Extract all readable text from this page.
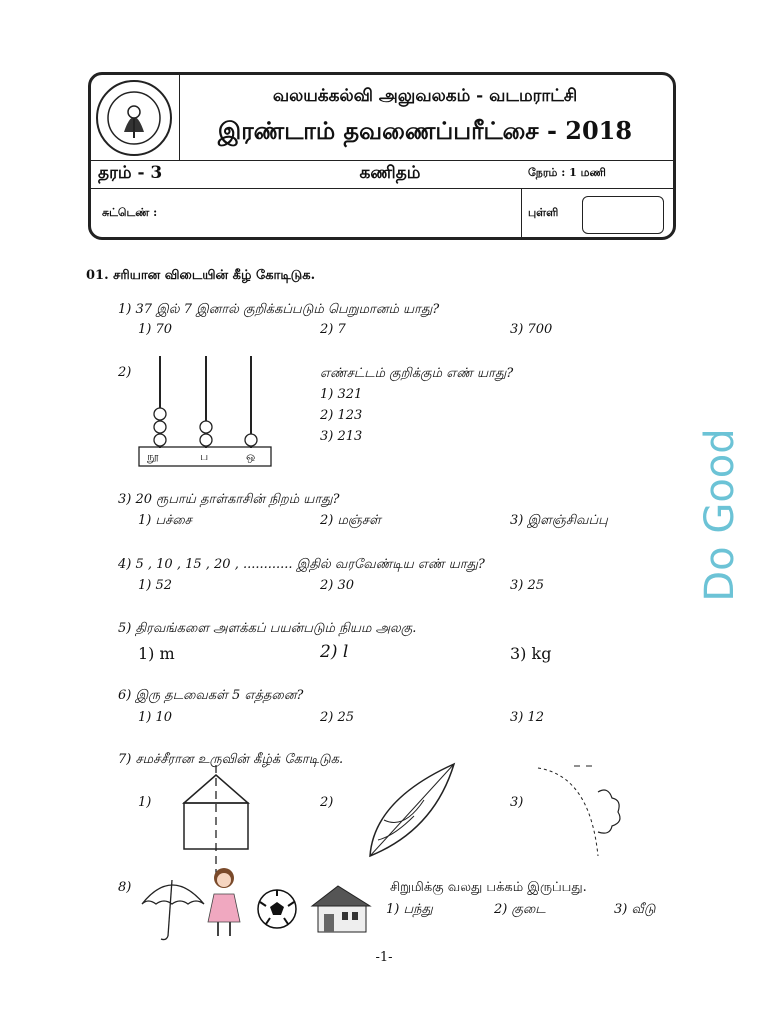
வலயக்கல்வி அலுவலகம் - வடமராட்சி
இரண்டாம் தவணைப்பரீட்சை - 2018
தரம் - 3	கணிதம்	நேரம் : 1 மணி
சுட்டெண் :	புள்ளி
01. சரியான விடையின் கீழ் கோடிடுக.
1) 37 இல் 7 இனால் குறிக்கப்படும் பெறுமானம் யாது?
1) 70	2) 7	3) 700
2)
நூ	ப	ஒ
எண்சட்டம் குறிக்கும் எண் யாது?
1) 321
2) 123
3) 213
3) 20 ரூபாய் தாள்காசின் நிறம் யாது?
1) பச்சை	2) மஞ்சள்	3) இளஞ்சிவப்பு
4) 5 , 10 , 15 , 20 , ............ இதில் வரவேண்டிய எண் யாது?
1) 52	2) 30	3) 25
5) திரவங்களை அளக்கப் பயன்படும் நியம அலகு.
1) m	2) l	3) kg
6) இரு தடவைகள் 5 எத்தனை?
1) 10	2) 25	3) 12
7) சமச்சீரான உருவின் கீழ்க் கோடிடுக.
1)	2)	3)
8)	சிறுமிக்கு வலது பக்கம் இருப்பது.
1) பந்து	2) குடை	3) வீடு
Do Good
-1-
